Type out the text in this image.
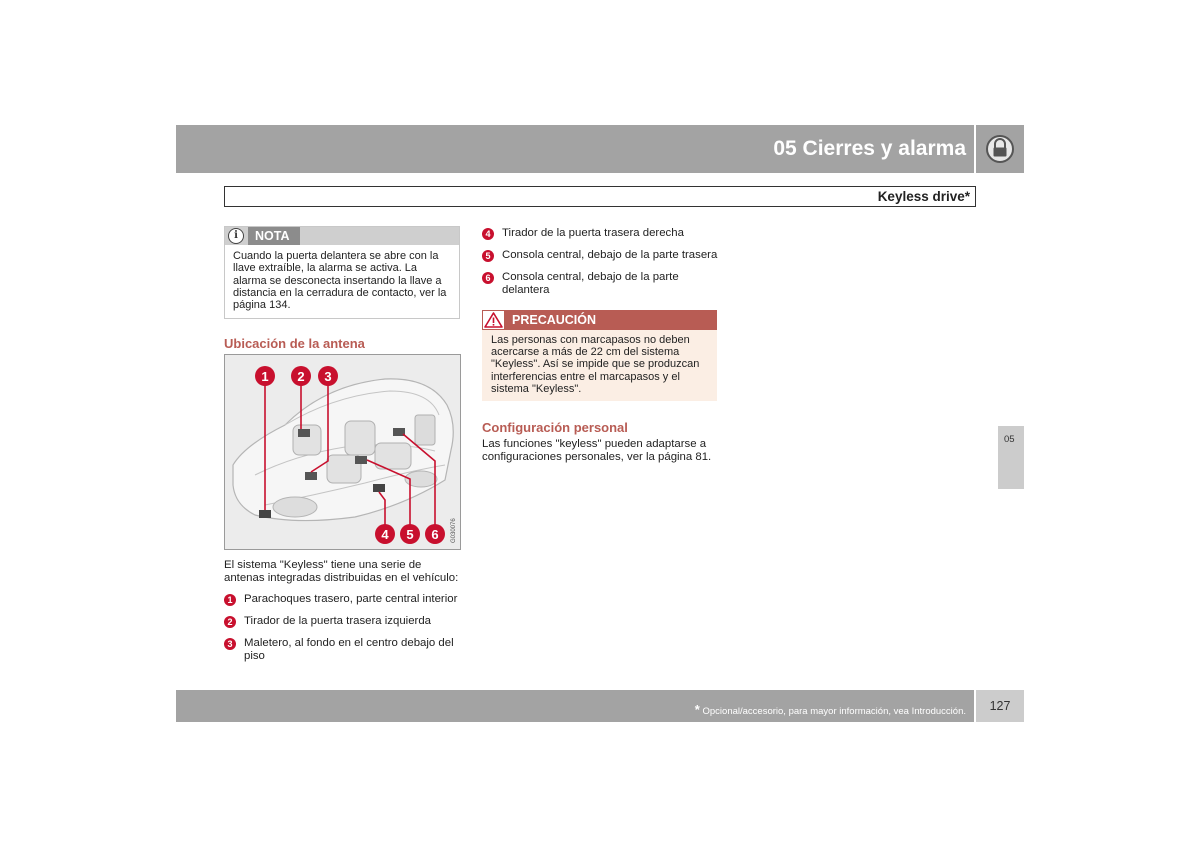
05 Cierres y alarma
Keyless drive*
i	NOTA
Cuando la puerta delantera se abre con la llave extraíble, la alarma se activa. La alarma se desconecta insertando la llave a distancia en la cerradura de contacto, ver la página 134.
Ubicación de la antena
1 2 3
4 5 6 G030076
El sistema "Keyless" tiene una serie de antenas integradas distribuidas en el vehículo:
1	Parachoques trasero, parte central interior
2	Tirador de la puerta trasera izquierda
3	Maletero, al fondo en el centro debajo del piso
4	Tirador de la puerta trasera derecha
5	Consola central, debajo de la parte trasera
6	Consola central, debajo de la parte delantera
PRECAUCIÓN
Las personas con marcapasos no deben acercarse a más de 22 cm del sistema "Keyless". Así se impide que se produzcan interferencias entre el marcapasos y el sistema "Keyless".
Configuración personal
Las funciones "keyless" pueden adaptarse a configuraciones personales, ver la página 81.
05
* Opcional/accesorio, para mayor información, vea Introducción.	127
